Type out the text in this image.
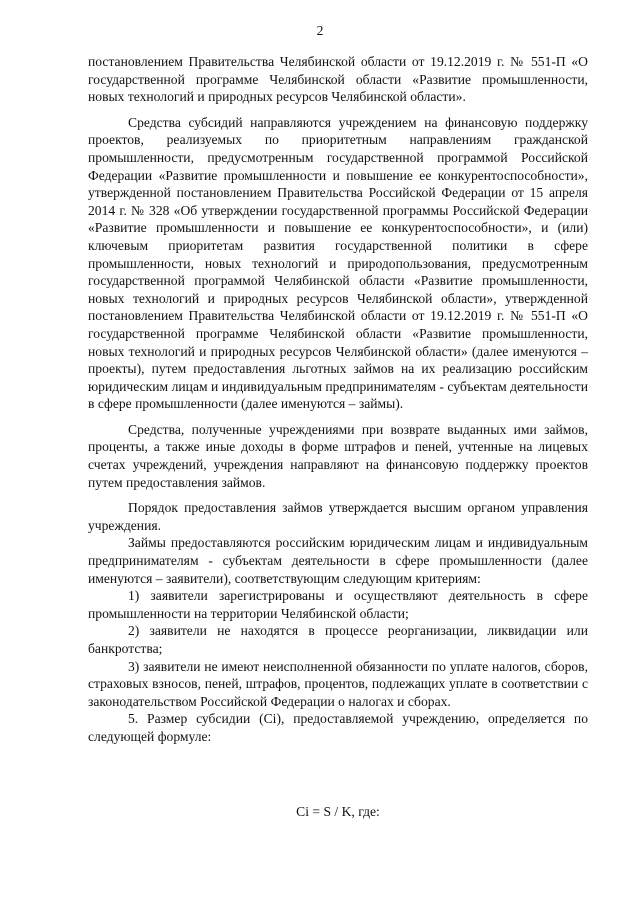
2

постановлением Правительства Челябинской области от 19.12.2019 г. № 551-П «О государственной программе Челябинской области «Развитие промышленности, новых технологий и природных ресурсов Челябинской области».

Средства субсидий направляются учреждением на финансовую поддержку проектов, реализуемых по приоритетным направлениям гражданской промышленности, предусмотренным государственной программой Российской Федерации «Развитие промышленности и повышение ее конкурентоспособности», утвержденной постановлением Правительства Российской Федерации от 15 апреля 2014 г. № 328 «Об утверждении государственной программы Российской Федерации «Развитие промышленности и повышение ее конкурентоспособности», и (или) ключевым приоритетам развития государственной политики в сфере промышленности, новых технологий и природопользования, предусмотренным государственной программой Челябинской области «Развитие промышленности, новых технологий и природных ресурсов Челябинской области», утвержденной постановлением Правительства Челябинской области от 19.12.2019 г. № 551-П «О государственной программе Челябинской области «Развитие промышленности, новых технологий и природных ресурсов Челябинской области» (далее именуются – проекты), путем предоставления льготных займов на их реализацию российским юридическим лицам и индивидуальным предпринимателям - субъектам деятельности в сфере промышленности (далее именуются – займы).

Средства, полученные учреждениями при возврате выданных ими займов, проценты, а также иные доходы в форме штрафов и пеней, учтенные на лицевых счетах учреждений, учреждения направляют на финансовую поддержку проектов путем предоставления займов.

Порядок предоставления займов утверждается высшим органом управления учреждения.

Займы предоставляются российским юридическим лицам и индивидуальным предпринимателям - субъектам деятельности в сфере промышленности (далее именуются – заявители), соответствующим следующим критериям:

1) заявители зарегистрированы и осуществляют деятельность в сфере промышленности на территории Челябинской области;

2) заявители не находятся в процессе реорганизации, ликвидации или банкротства;

3) заявители не имеют неисполненной обязанности по уплате налогов, сборов, страховых взносов, пеней, штрафов, процентов, подлежащих уплате в соответствии с законодательством Российской Федерации о налогах и сборах.

5. Размер субсидии (Ci), предоставляемой учреждению, определяется по следующей формуле:

Ci = S / K, где:
